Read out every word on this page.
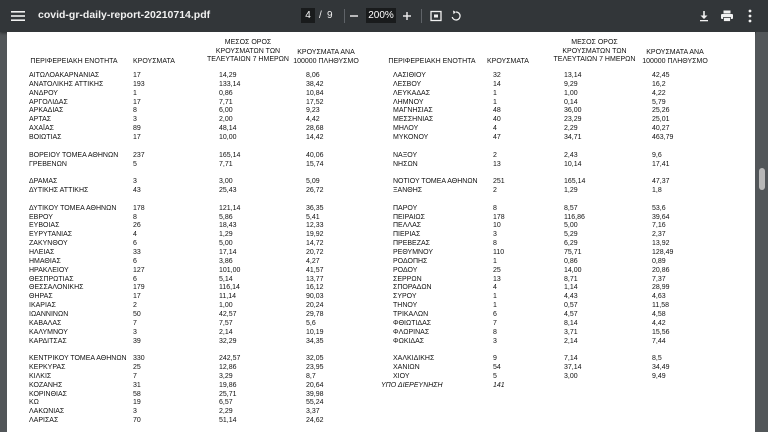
covid-gr-daily-report-20210714.pdf	4 / 9	200%
ΠΕΡΙΦΕΡΕΙΑΚΗ ΕΝΟΤΗΤΑ	ΚΡΟΥΣΜΑΤΑ
ΜΕΣΟΣ ΟΡΟΣ ΚΡΟΥΣΜΑΤΩΝ ΤΩΝ ΤΕΛΕΥΤΑΙΩΝ 7 ΗΜΕΡΩΝ
ΚΡΟΥΣΜΑΤΑ ΑΝΑ 100000 ΠΛΗΘΥΣΜΟ	ΠΕΡΙΦΕΡΕΙΑΚΗ ΕΝΟΤΗΤΑ	ΚΡΟΥΣΜΑΤΑ
ΜΕΣΟΣ ΟΡΟΣ ΚΡΟΥΣΜΑΤΩΝ ΤΩΝ ΤΕΛΕΥΤΑΙΩΝ 7 ΗΜΕΡΩΝ
ΚΡΟΥΣΜΑΤΑ ΑΝΑ 100000 ΠΛΗΘΥΣΜΟ
ΑΙΤΩΛΟΑΚΑΡΝΑΝΙΑΣ	17	14,29	8,06
ΑΝΑΤΟΛΙΚΗΣ ΑΤΤΙΚΗΣ	193	133,14	38,42
ΑΝΔΡΟΥ	1	0,86	10,84
ΑΡΓΟΛΙΔΑΣ	17	7,71	17,52
ΑΡΚΑΔΙΑΣ	8	6,00	9,23
ΑΡΤΑΣ	3	2,00	4,42
ΑΧΑΪΑΣ	89	48,14	28,68
ΒΟΙΩΤΙΑΣ	17	10,00	14,42
ΒΟΡΕΙΟΥ ΤΟΜΕΑ ΑΘΗΝΩΝ 237	165,14	40,06
ΓΡΕΒΕΝΩΝ	5	7,71	15,74
ΔΡΑΜΑΣ	3	3,00	5,09
ΔΥΤΙΚΗΣ ΑΤΤΙΚΗΣ	43	25,43	26,72
ΔΥΤΙΚΟΥ ΤΟΜΕΑ ΑΘΗΝΩΝ 178	121,14	36,35
ΕΒΡΟΥ	8	5,86	5,41
ΕΥΒΟΙΑΣ	26	18,43	12,33
ΕΥΡΥΤΑΝΙΑΣ	4	1,29	19,92
ΖΑΚΥΝΘΟΥ	6	5,00	14,72
ΗΛΕΙΑΣ	33	17,14	20,72
ΗΜΑΘΙΑΣ	6	3,86	4,27
ΗΡΑΚΛΕΙΟΥ	127	101,00	41,57
ΘΕΣΠΡΩΤΙΑΣ	6	5,14	13,77
ΘΕΣΣΑΛΟΝΙΚΗΣ	179	116,14	16,12
ΘΗΡΑΣ	17	11,14	90,03
ΙΚΑΡΙΑΣ	2	1,00	20,24
ΙΩΑΝΝΙΝΩΝ	50	42,57	29,78
ΚΑΒΑΛΑΣ	7	7,57	5,6
ΚΑΛΥΜΝΟΥ	3	2,14	10,19
ΚΑΡΔΙΤΣΑΣ	39	32,29	34,35
ΚΕΝΤΡΙΚΟΥ ΤΟΜΕΑ ΑΘΗΝΩΝ 330	242,57	32,05
ΚΕΡΚΥΡΑΣ	25	12,86	23,95
ΚΙΛΚΙΣ	7	3,29	8,7
ΚΟΖΑΝΗΣ	31	19,86	20,64
ΚΟΡΙΝΘΙΑΣ	58	25,71	39,98
ΚΩ	19	6,57	55,24
ΛΑΚΩΝΙΑΣ	3	2,29	3,37
ΛΑΡΙΣΑΣ	70	51,14	24,62
ΛΑΣΙΘΙΟΥ	32	13,14	42,45
ΛΕΣΒΟΥ	14	9,29	16,2
ΛΕΥΚΑΔΑΣ	1	1,00	4,22
ΛΗΜΝΟΥ	1	0,14	5,79
ΜΑΓΝΗΣΙΑΣ	48	36,00	25,26
ΜΕΣΣΗΝΙΑΣ	40	23,29	25,01
ΜΗΛΟΥ	4	2,29	40,27
ΜΥΚΟΝΟΥ	47	34,71	463,79
ΝΑΞΟΥ	2	2,43	9,6
ΝΗΣΩΝ	13	10,14	17,41
ΝΟΤΙΟΥ ΤΟΜΕΑ ΑΘΗΝΩΝ 251	165,14	47,37
ΞΑΝΘΗΣ	2	1,29	1,8
ΠΑΡΟΥ	8	8,57	53,6
ΠΕΙΡΑΙΩΣ	178	116,86	39,64
ΠΕΛΛΑΣ	10	5,00	7,16
ΠΙΕΡΙΑΣ	3	5,29	2,37
ΠΡΕΒΕΖΑΣ	8	6,29	13,92
ΡΕΘΥΜΝΟΥ	110	75,71	128,49
ΡΟΔΟΠΗΣ	1	0,86	0,89
ΡΟΔΟΥ	25	14,00	20,86
ΣΕΡΡΩΝ	13	8,71	7,37
ΣΠΟΡΑΔΩΝ	4	1,14	28,99
ΣΥΡΟΥ	1	4,43	4,63
ΤΗΝΟΥ	1	0,57	11,58
ΤΡΙΚΑΛΩΝ	6	4,57	4,58
ΦΘΙΩΤΙΔΑΣ	7	8,14	4,42
ΦΛΩΡΙΝΑΣ	8	3,71	15,56
ΦΩΚΙΔΑΣ	3	2,14	7,44
ΧΑΛΚΙΔΙΚΗΣ	9	7,14	8,5
ΧΑΝΙΩΝ	54	37,14	34,49
ΧΙΟΥ	5	3,00	9,49
ΥΠΟ ΔΙΕΡΕΥΝΗΣΗ	141
